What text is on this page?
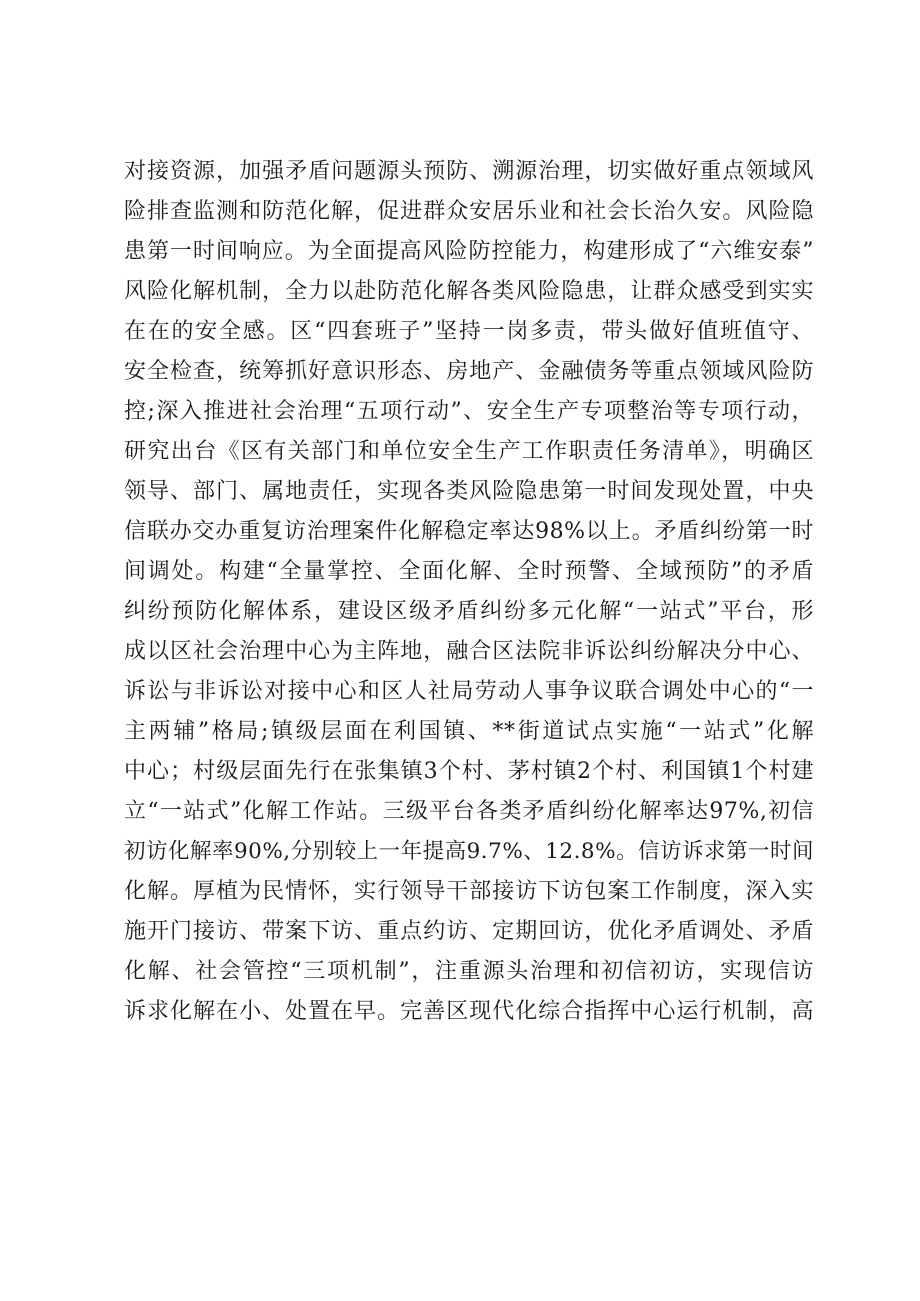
对接资源，加强矛盾问题源头预防、溯源治理，切实做好重点领域风
险排查监测和防范化解，促进群众安居乐业和社会长治久安。风险隐
患第一时间响应。为全面提高风险防控能力，构建形成了“六维安泰”
风险化解机制，全力以赴防范化解各类风险隐患，让群众感受到实实
在在的安全感。区“四套班子”坚持一岗多责，带头做好值班值守、
安全检查，统筹抓好意识形态、房地产、金融债务等重点领域风险防
控;深入推进社会治理“五项行动”、安全生产专项整治等专项行动，
研究出台《区有关部门和单位安全生产工作职责任务清单》，明确区
领导、部门、属地责任，实现各类风险隐患第一时间发现处置，中央
信联办交办重复访治理案件化解稳定率达98%以上。矛盾纠纷第一时
间调处。构建“全量掌控、全面化解、全时预警、全域预防”的矛盾
纠纷预防化解体系，建设区级矛盾纠纷多元化解“一站式”平台，形
成以区社会治理中心为主阵地，融合区法院非诉讼纠纷解决分中心、
诉讼与非诉讼对接中心和区人社局劳动人事争议联合调处中心的“一
主两辅”格局;镇级层面在利国镇、**街道试点实施“一站式”化解
中心；村级层面先行在张集镇3个村、茅村镇2个村、利国镇1个村建
立“一站式”化解工作站。三级平台各类矛盾纠纷化解率达97%,初信
初访化解率90%,分别较上一年提高9.7%、12.8%。信访诉求第一时间
化解。厚植为民情怀，实行领导干部接访下访包案工作制度，深入实
施开门接访、带案下访、重点约访、定期回访，优化矛盾调处、矛盾
化解、社会管控“三项机制”，注重源头治理和初信初访，实现信访
诉求化解在小、处置在早。完善区现代化综合指挥中心运行机制，高
